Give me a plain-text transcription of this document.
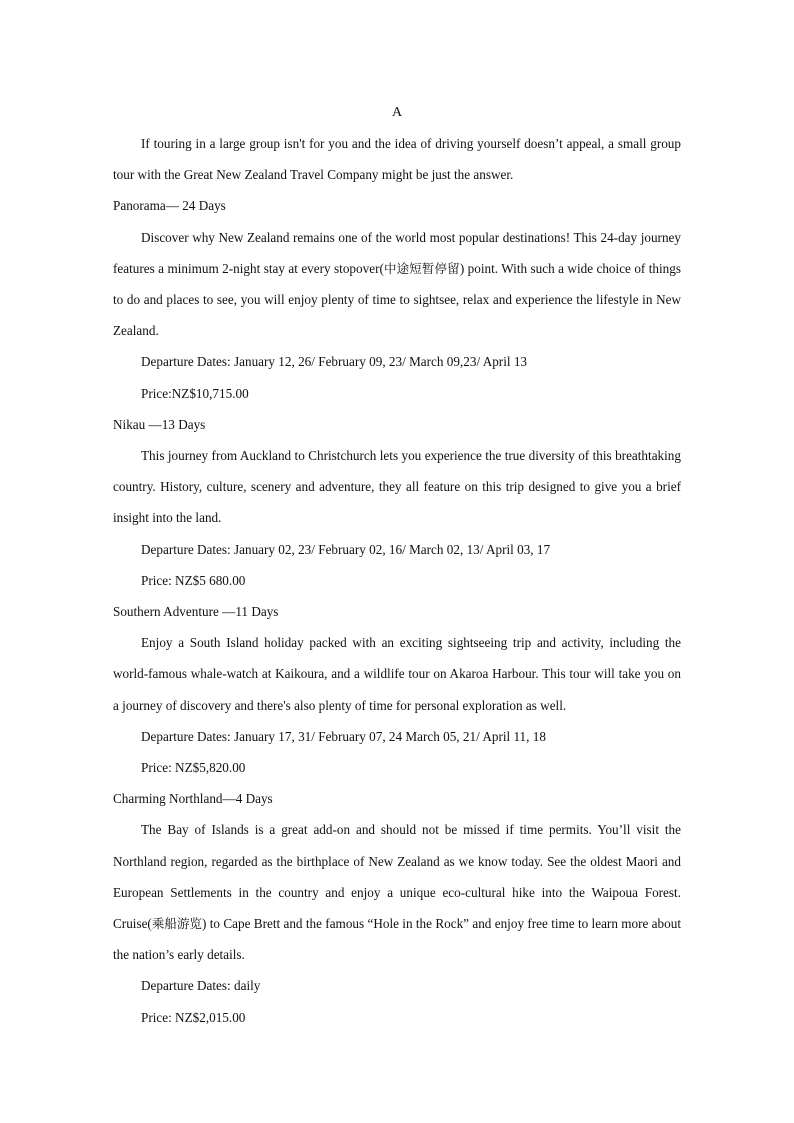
A

If touring in a large group isn't for you and the idea of driving yourself doesn’t appeal, a small group tour with the Great New Zealand Travel Company might be just the answer.

Panorama— 24 Days

Discover why New Zealand remains one of the world most popular destinations! This 24-day journey features a minimum 2-night stay at every stopover(中途短暂停留) point. With such a wide choice of things to do and places to see, you will enjoy plenty of time to sightsee, relax and experience the lifestyle in New Zealand.

Departure Dates: January 12, 26/ February 09, 23/ March 09,23/ April 13

Price:NZ$10,715.00

Nikau —13 Days

This journey from Auckland to Christchurch lets you experience the true diversity of this breathtaking country. History, culture, scenery and adventure, they all feature on this trip designed to give you a brief insight into the land.

Departure Dates: January 02, 23/ February 02, 16/ March 02, 13/ April 03, 17

Price: NZ$5 680.00

Southern Adventure —11 Days

Enjoy a South Island holiday packed with an exciting sightseeing trip and activity, including the world-famous whale-watch at Kaikoura, and a wildlife tour on Akaroa Harbour. This tour will take you on a journey of discovery and there's also plenty of time for personal exploration as well.

Departure Dates: January 17, 31/ February 07, 24 March 05, 21/ April 11, 18

Price: NZ$5,820.00

Charming Northland—4 Days

The Bay of Islands is a great add-on and should not be missed if time permits. You’ll visit the Northland region, regarded as the birthplace of New Zealand as we know today. See the oldest Maori and European Settlements in the country and enjoy a unique eco-cultural hike into the Waipoua Forest. Cruise(乘船游览) to Cape Brett and the famous “Hole in the Rock” and enjoy free time to learn more about the nation’s early details.

Departure Dates: daily

Price: NZ$2,015.00
